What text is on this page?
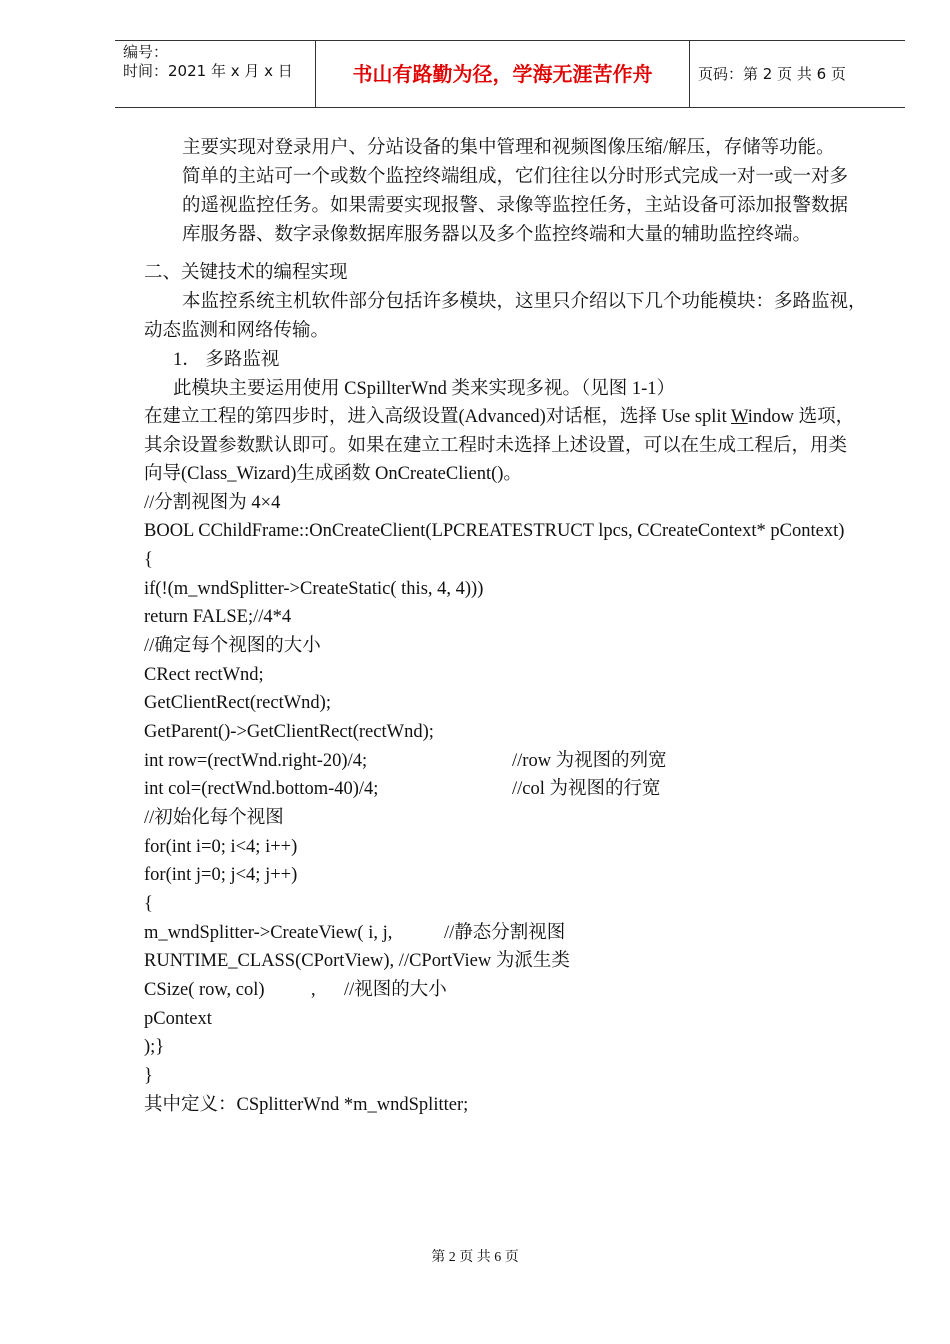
编号：
时间：2021 年 x 月 x 日	书山有路勤为径，学海无涯苦作舟	页码：第 2 页 共 6 页
主要实现对登录用户、分站设备的集中管理和视频图像压缩/解压，存储等功能。
简单的主站可一个或数个监控终端组成，它们往往以分时形式完成一对一或一对多
的遥视监控任务。如果需要实现报警、录像等监控任务，主站设备可添加报警数据
库服务器、数字录像数据库服务器以及多个监控终端和大量的辅助监控终端。
二、关键技术的编程实现
本监控系统主机软件部分包括许多模块，这里只介绍以下几个功能模块：多路监视，
动态监测和网络传输。
1． 多路监视
此模块主要运用使用 CSpillterWnd 类来实现多视。（见图 1-1）
在建立工程的第四步时，进入高级设置(Advanced)对话框，选择 Use split Window 选项，
其余设置参数默认即可。如果在建立工程时未选择上述设置，可以在生成工程后，用类
向导(Class_Wizard)生成函数 OnCreateClient()。
//分割视图为 4×4
BOOL CChildFrame::OnCreateClient(LPCREATESTRUCT lpcs, CCreateContext* pContext)
{
if(!(m_wndSplitter->CreateStatic( this, 4, 4)))
return FALSE;//4*4
//确定每个视图的大小
CRect rectWnd;
GetClientRect(rectWnd);
GetParent()->GetClientRect(rectWnd);
int row=(rectWnd.right-20)/4;	//row 为视图的列宽
int col=(rectWnd.bottom-40)/4;	//col 为视图的行宽
//初始化每个视图
for(int i=0; i<4; i++)
for(int j=0; j<4; j++)
{
m_wndSplitter->CreateView( i, j,	//静态分割视图
RUNTIME_CLASS(CPortView), //CPortView 为派生类
CSize( row, col)	, //视图的大小
pContext
);}
}
其中定义：CSplitterWnd *m_wndSplitter;
第 2 页 共 6 页
